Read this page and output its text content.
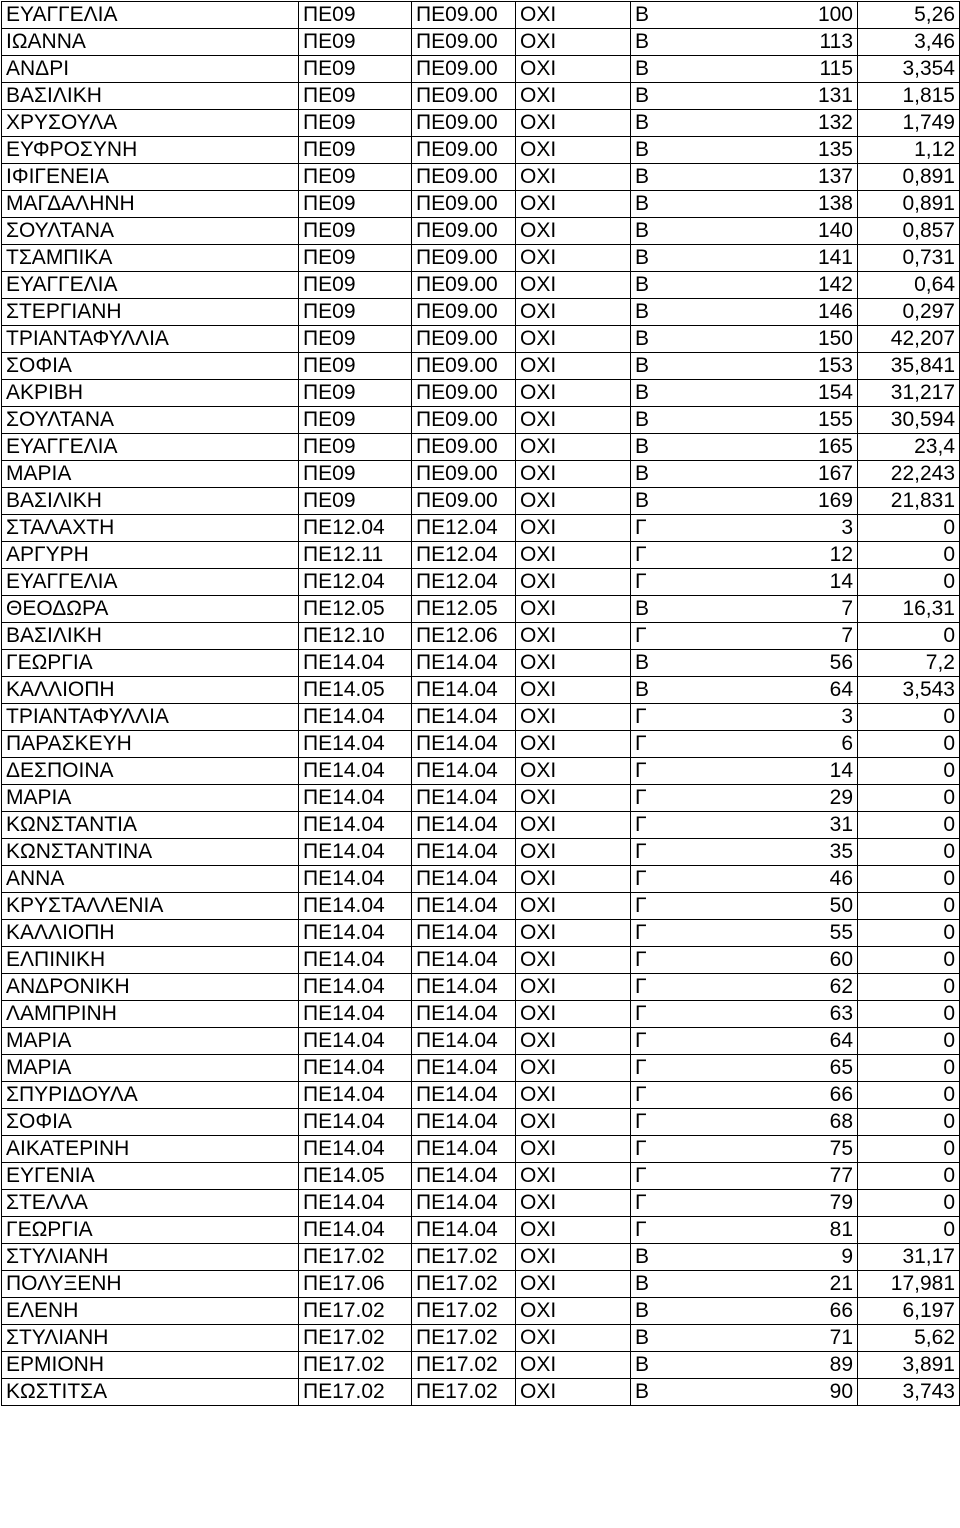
ΕΥΑΓΓΕΛΙΑ	ΠΕ09	ΠΕ09.00	ΟΧΙ	Β 100	5,26
ΙΩΑΝΝΑ	ΠΕ09	ΠΕ09.00	ΟΧΙ	Β 113	3,46
ΑΝΔΡΙ	ΠΕ09	ΠΕ09.00	ΟΧΙ	Β 115	3,354
ΒΑΣΙΛΙΚΗ	ΠΕ09	ΠΕ09.00	ΟΧΙ	Β 131	1,815
ΧΡΥΣΟΥΛΑ	ΠΕ09	ΠΕ09.00	ΟΧΙ	Β 132	1,749
ΕΥΦΡΟΣΥΝΗ	ΠΕ09	ΠΕ09.00	ΟΧΙ	Β 135	1,12
ΙΦΙΓΕΝΕΙΑ	ΠΕ09	ΠΕ09.00	ΟΧΙ	Β 137	0,891
ΜΑΓΔΑΛΗΝΗ	ΠΕ09	ΠΕ09.00	ΟΧΙ	Β 138	0,891
ΣΟΥΛΤΑΝΑ	ΠΕ09	ΠΕ09.00	ΟΧΙ	Β 140	0,857
ΤΣΑΜΠΙΚΑ	ΠΕ09	ΠΕ09.00	ΟΧΙ	Β 141	0,731
ΕΥΑΓΓΕΛΙΑ	ΠΕ09	ΠΕ09.00	ΟΧΙ	Β 142	0,64
ΣΤΕΡΓΙΑΝΗ	ΠΕ09	ΠΕ09.00	ΟΧΙ	Β 146	0,297
ΤΡΙΑΝΤΑΦΥΛΛΙΑ	ΠΕ09	ΠΕ09.00	ΟΧΙ	Β 150	42,207
ΣΟΦΙΑ	ΠΕ09	ΠΕ09.00	ΟΧΙ	Β 153	35,841
ΑΚΡΙΒΗ	ΠΕ09	ΠΕ09.00	ΟΧΙ	Β 154	31,217
ΣΟΥΛΤΑΝΑ	ΠΕ09	ΠΕ09.00	ΟΧΙ	Β 155	30,594
ΕΥΑΓΓΕΛΙΑ	ΠΕ09	ΠΕ09.00	ΟΧΙ	Β 165	23,4
ΜΑΡΙΑ	ΠΕ09	ΠΕ09.00	ΟΧΙ	Β 167	22,243
ΒΑΣΙΛΙΚΗ	ΠΕ09	ΠΕ09.00	ΟΧΙ	Β 169	21,831
ΣΤΑΛΑΧΤΗ	ΠΕ12.04	ΠΕ12.04	ΟΧΙ	Γ 3	0
ΑΡΓΥΡΗ	ΠΕ12.11	ΠΕ12.04	ΟΧΙ	Γ 12	0
ΕΥΑΓΓΕΛΙΑ	ΠΕ12.04	ΠΕ12.04	ΟΧΙ	Γ 14	0
ΘΕΟΔΩΡΑ	ΠΕ12.05	ΠΕ12.05	ΟΧΙ	Β 7	16,31
ΒΑΣΙΛΙΚΗ	ΠΕ12.10	ΠΕ12.06	ΟΧΙ	Γ 7	0
ΓΕΩΡΓΙΑ	ΠΕ14.04	ΠΕ14.04	ΟΧΙ	Β 56	7,2
ΚΑΛΛΙΟΠΗ	ΠΕ14.05	ΠΕ14.04	ΟΧΙ	Β 64	3,543
ΤΡΙΑΝΤΑΦΥΛΛΙΑ	ΠΕ14.04	ΠΕ14.04	ΟΧΙ	Γ 3	0
ΠΑΡΑΣΚΕΥΗ	ΠΕ14.04	ΠΕ14.04	ΟΧΙ	Γ 6	0
ΔΕΣΠΟΙΝΑ	ΠΕ14.04	ΠΕ14.04	ΟΧΙ	Γ 14	0
ΜΑΡΙΑ	ΠΕ14.04	ΠΕ14.04	ΟΧΙ	Γ 29	0
ΚΩΝΣΤΑΝΤΙΑ	ΠΕ14.04	ΠΕ14.04	ΟΧΙ	Γ 31	0
ΚΩΝΣΤΑΝΤΙΝΑ	ΠΕ14.04	ΠΕ14.04	ΟΧΙ	Γ 35	0
ΑΝΝΑ	ΠΕ14.04	ΠΕ14.04	ΟΧΙ	Γ 46	0
ΚΡΥΣΤΑΛΛΕΝΙΑ	ΠΕ14.04	ΠΕ14.04	ΟΧΙ	Γ 50	0
ΚΑΛΛΙΟΠΗ	ΠΕ14.04	ΠΕ14.04	ΟΧΙ	Γ 55	0
ΕΛΠΙΝΙΚΗ	ΠΕ14.04	ΠΕ14.04	ΟΧΙ	Γ 60	0
ΑΝΔΡΟΝΙΚΗ	ΠΕ14.04	ΠΕ14.04	ΟΧΙ	Γ 62	0
ΛΑΜΠΡΙΝΗ	ΠΕ14.04	ΠΕ14.04	ΟΧΙ	Γ 63	0
ΜΑΡΙΑ	ΠΕ14.04	ΠΕ14.04	ΟΧΙ	Γ 64	0
ΜΑΡΙΑ	ΠΕ14.04	ΠΕ14.04	ΟΧΙ	Γ 65	0
ΣΠΥΡΙΔΟΥΛΑ	ΠΕ14.04	ΠΕ14.04	ΟΧΙ	Γ 66	0
ΣΟΦΙΑ	ΠΕ14.04	ΠΕ14.04	ΟΧΙ	Γ 68	0
ΑΙΚΑΤΕΡΙΝΗ	ΠΕ14.04	ΠΕ14.04	ΟΧΙ	Γ 75	0
ΕΥΓΕΝΙΑ	ΠΕ14.05	ΠΕ14.04	ΟΧΙ	Γ 77	0
ΣΤΕΛΛΑ	ΠΕ14.04	ΠΕ14.04	ΟΧΙ	Γ 79	0
ΓΕΩΡΓΙΑ	ΠΕ14.04	ΠΕ14.04	ΟΧΙ	Γ 81	0
ΣΤΥΛΙΑΝΗ	ΠΕ17.02	ΠΕ17.02	ΟΧΙ	Β 9	31,17
ΠΟΛΥΞΕΝΗ	ΠΕ17.06	ΠΕ17.02	ΟΧΙ	Β 21	17,981
ΕΛΕΝΗ	ΠΕ17.02	ΠΕ17.02	ΟΧΙ	Β 66	6,197
ΣΤΥΛΙΑΝΗ	ΠΕ17.02	ΠΕ17.02	ΟΧΙ	Β 71	5,62
ΕΡΜΙΟΝΗ	ΠΕ17.02	ΠΕ17.02	ΟΧΙ	Β 89	3,891
ΚΩΣΤΙΤΣΑ	ΠΕ17.02	ΠΕ17.02	ΟΧΙ	Β 90	3,743
